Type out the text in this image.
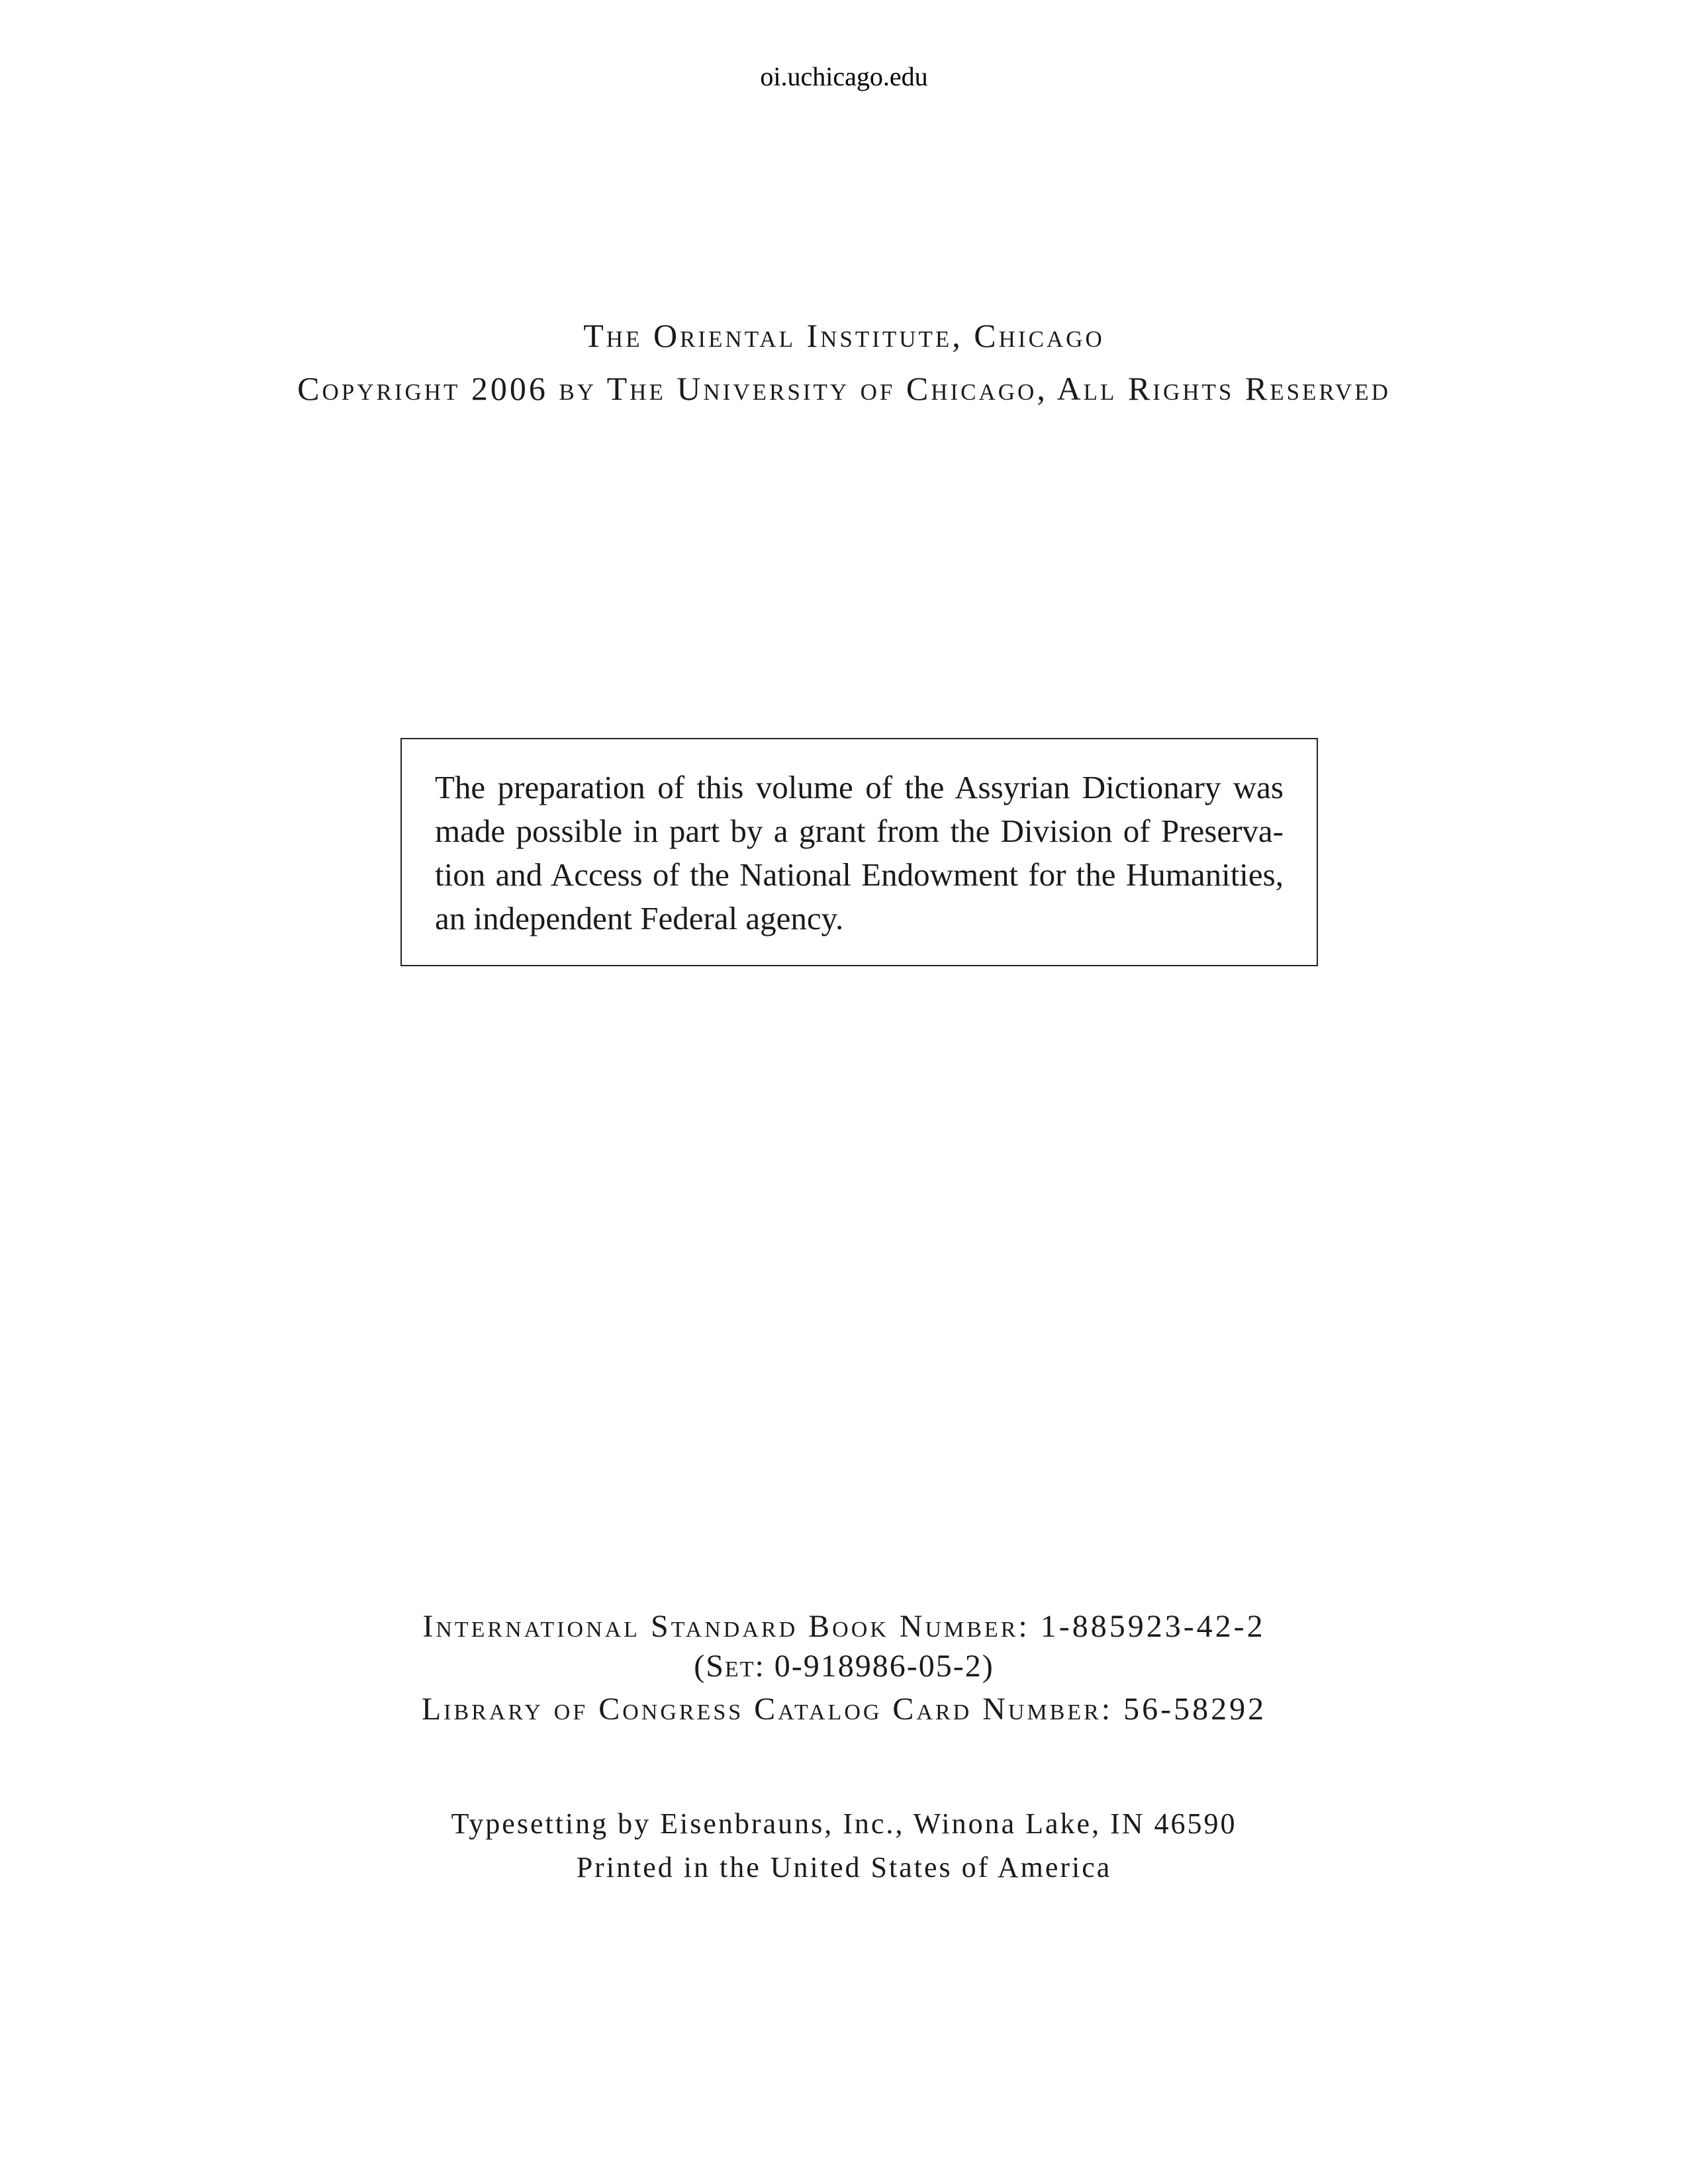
oi.uchicago.edu
The Oriental Institute, Chicago
Copyright 2006 by The University of Chicago, All Rights Reserved
The preparation of this volume of the Assyrian Dictionary was
made possible in part by a grant from the Division of Preserva-
tion and Access of the National Endowment for the Humanities,
an independent Federal agency.
International Standard Book Number: 1-885923-42-2
(Set: 0-918986-05-2)
Library of Congress Catalog Card Number: 56-58292
Typesetting by Eisenbrauns, Inc., Winona Lake, IN 46590
Printed in the United States of America
